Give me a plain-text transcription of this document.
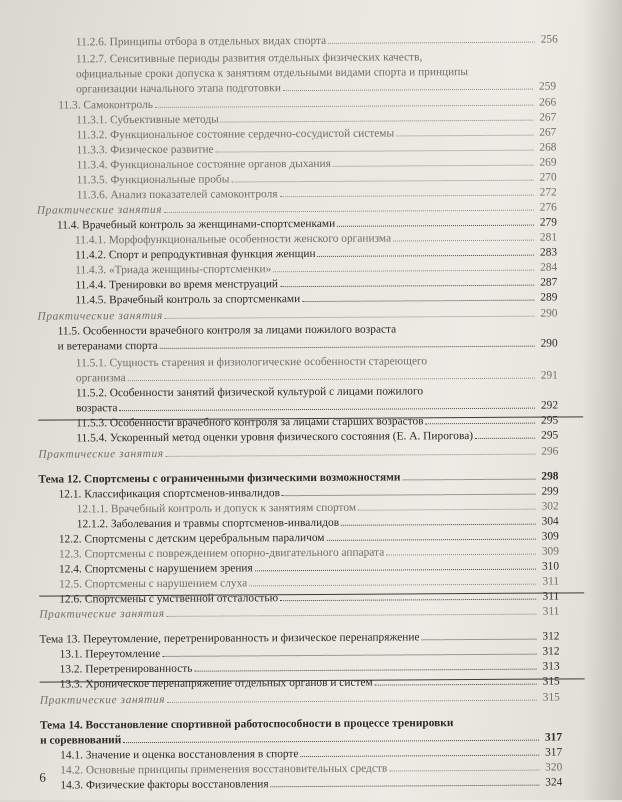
11.2.6. Принципы отбора в отдельных видах спорта	256
11.2.7. Сенситивные периоды развития отдельных физических качеств,
официальные сроки допуска к занятиям отдельными видами спорта и принципы
организации начального этапа подготовки	259
11.3. Самоконтроль	266
11.3.1. Субъективные методы	267
11.3.2. Функциональное состояние сердечно-сосудистой системы	267
11.3.3. Физическое развитие	268
11.3.4. Функциональное состояние органов дыхания	269
11.3.5. Функциональные пробы	270
11.3.6. Анализ показателей самоконтроля	272
Практические занятия	276
11.4. Врачебный контроль за женщинами-спортсменками	279
11.4.1. Морфофункциональные особенности женского организма	281
11.4.2. Спорт и репродуктивная функция женщин	283
11.4.3. «Триада женщины-спортсменки»	284
11.4.4. Тренировки во время менструаций	287
11.4.5. Врачебный контроль за спортсменками	289
Практические занятия	290
11.5. Особенности врачебного контроля за лицами пожилого возраста
и ветеранами спорта	290
11.5.1. Сущность старения и физиологические особенности стареющего
организма	291
11.5.2. Особенности занятий физической культурой с лицами пожилого
возраста	292
11.5.3. Особенности врачебного контроля за лицами старших возрастов	295
11.5.4. Ускоренный метод оценки уровня физического состояния (Е. А. Пирогова)	295
Практические занятия	296
Тема 12. Спортсмены с ограниченными физическими возможностями	298
12.1. Классификация спортсменов-инвалидов	299
12.1.1. Врачебный контроль и допуск к занятиям спортом	302
12.1.2. Заболевания и травмы спортсменов-инвалидов	304
12.2. Спортсмены с детским церебральным параличом	309
12.3. Спортсмены с повреждением опорно-двигательного аппарата	309
12.4. Спортсмены с нарушением зрения	310
12.5. Спортсмены с нарушением слуха	311
12.6. Спортсмены с умственной отсталостью	311
Практические занятия	311
Тема 13. Переутомление, перетренированность и физическое перенапряжение	312
13.1. Переутомление	312
13.2. Перетренированность	313
13.3. Хроническое перенапряжение отдельных органов и систем	315
Практические занятия	315
Тема 14. Восстановление спортивной работоспособности в процессе тренировки
и соревнований	317
14.1. Значение и оценка восстановления в спорте	317
14.2. Основные принципы применения восстановительных средств	320
14.3. Физические факторы восстановления	324
6
